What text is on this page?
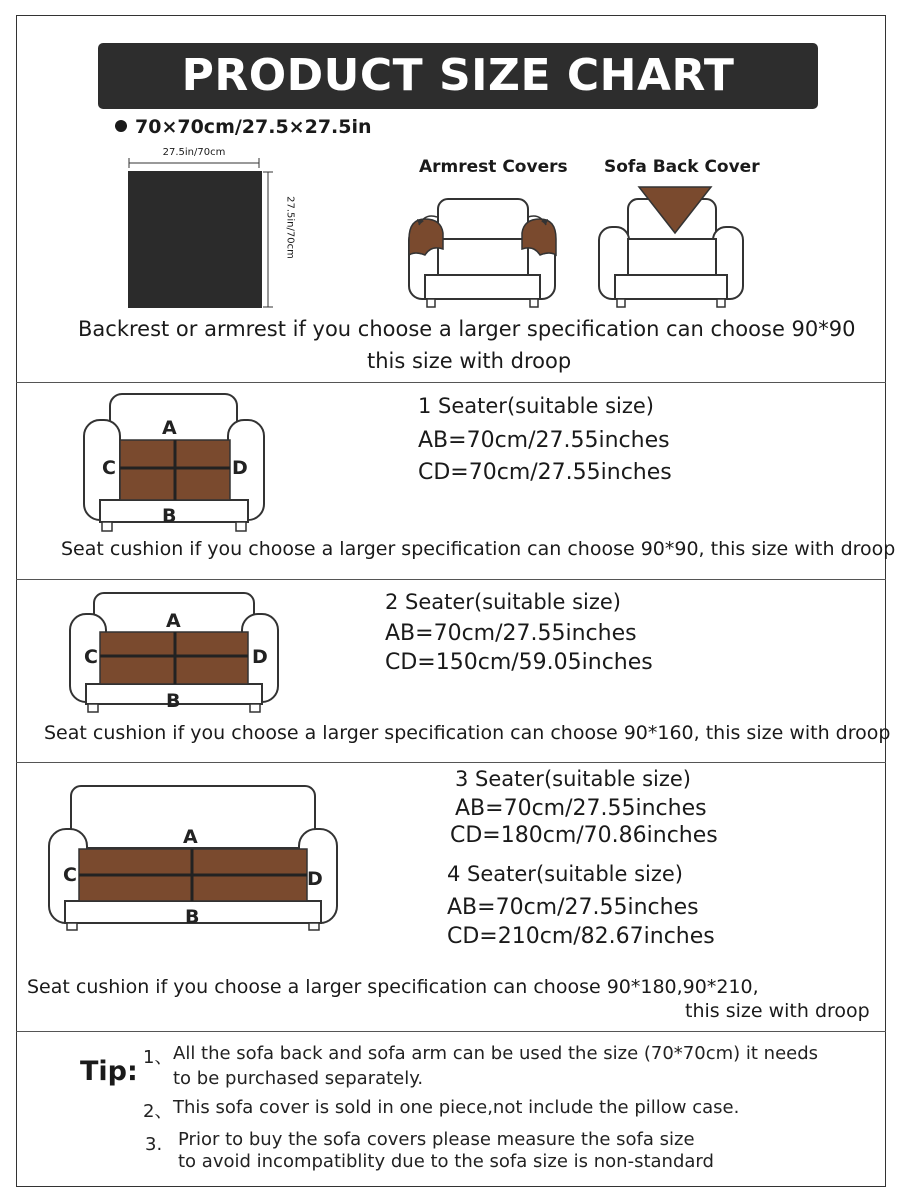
PRODUCT SIZE CHART
70×70cm/27.5×27.5in
27.5in/70cm
27.5in/70cm
Armrest Covers Sofa Back Cover
Backrest or armrest if you choose a larger specification can choose 90*90
this size with droop
A
B
C	D
1 Seater(suitable size)
AB=70cm/27.55inches
CD=70cm/27.55inches
Seat cushion if you choose a larger specification can choose 90*90, this size with droop
A
B
C	D
2 Seater(suitable size)
AB=70cm/27.55inches
CD=150cm/59.05inches
Seat cushion if you choose a larger specification can choose 90*160, this size with droop
A
B
C	D
3 Seater(suitable size)
AB=70cm/27.55inches
CD=180cm/70.86inches
4 Seater(suitable size)
AB=70cm/27.55inches
CD=210cm/82.67inches
Seat cushion if you choose a larger specification can choose 90*180,90*210,
this size with droop
Tip: 1、 All the sofa back and sofa arm can be used the size (70*70cm) it needs
to be purchased separately.
2、 This sofa cover is sold in one piece,not include the pillow case.
3. Prior to buy the sofa covers please measure the sofa size
to avoid incompatiblity due to the sofa size is non-standard
